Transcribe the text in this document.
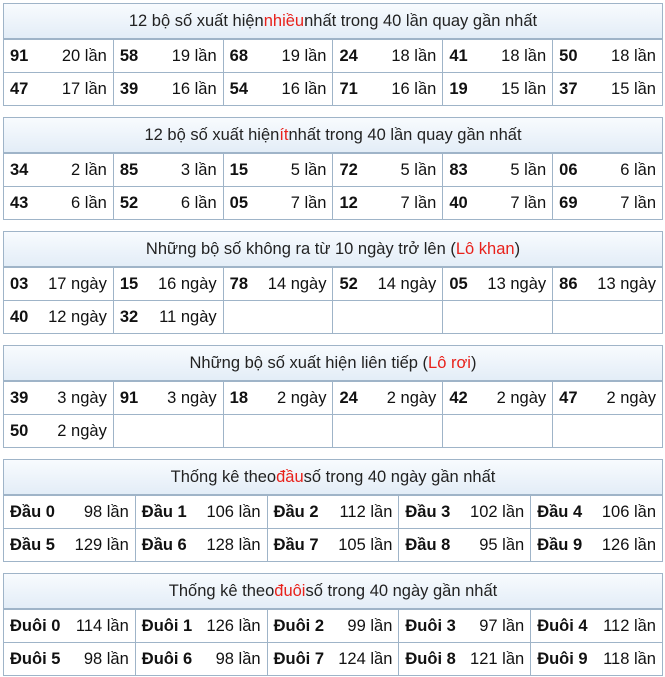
12 bộ số xuất hiện nhiều nhất trong 40 lần quay gần nhất
91 20 lần	58 19 lần	68 19 lần	24 18 lần	41 18 lần	50 18 lần

47 17 lần	39 16 lần	54 16 lần	71 16 lần	19 15 lần	37 15 lần
12 bộ số xuất hiện ít nhất trong 40 lần quay gần nhất
34 2 lần	85 3 lần	15 5 lần	72 5 lần	83 5 lần	06 6 lần

43 6 lần	52 6 lần	05 7 lần	12 7 lần	40 7 lần	69 7 lần
Những bộ số không ra từ 10 ngày trở lên ( Lô khan )
03 17 ngày	15 16 ngày	78 14 ngày	52 14 ngày	05 13 ngày	86 13 ngày

40 12 ngày	32 11 ngày				

Những bộ số xuất hiện liên tiếp ( Lô rơi )
39 3 ngày	91 3 ngày	18 2 ngày	24 2 ngày	42 2 ngày	47 2 ngày

50 2 ngày					

Thống kê theo đầu số trong 40 ngày gần nhất
Đầu 0 98 lần	Đầu 1 106 lần	Đầu 2 112 lần	Đầu 3 102 lần	Đầu 4 106 lần

Đầu 5 129 lần	Đầu 6 128 lần	Đầu 7 105 lần	Đầu 8 95 lần	Đầu 9 126 lần
Thống kê theo đuôi số trong 40 ngày gần nhất
Đuôi 0 114 lần	Đuôi 1 126 lần	Đuôi 2 99 lần	Đuôi 3 97 lần	Đuôi 4 112 lần

Đuôi 5 98 lần	Đuôi 6 98 lần	Đuôi 7 124 lần	Đuôi 8 121 lần	Đuôi 9 118 lần
